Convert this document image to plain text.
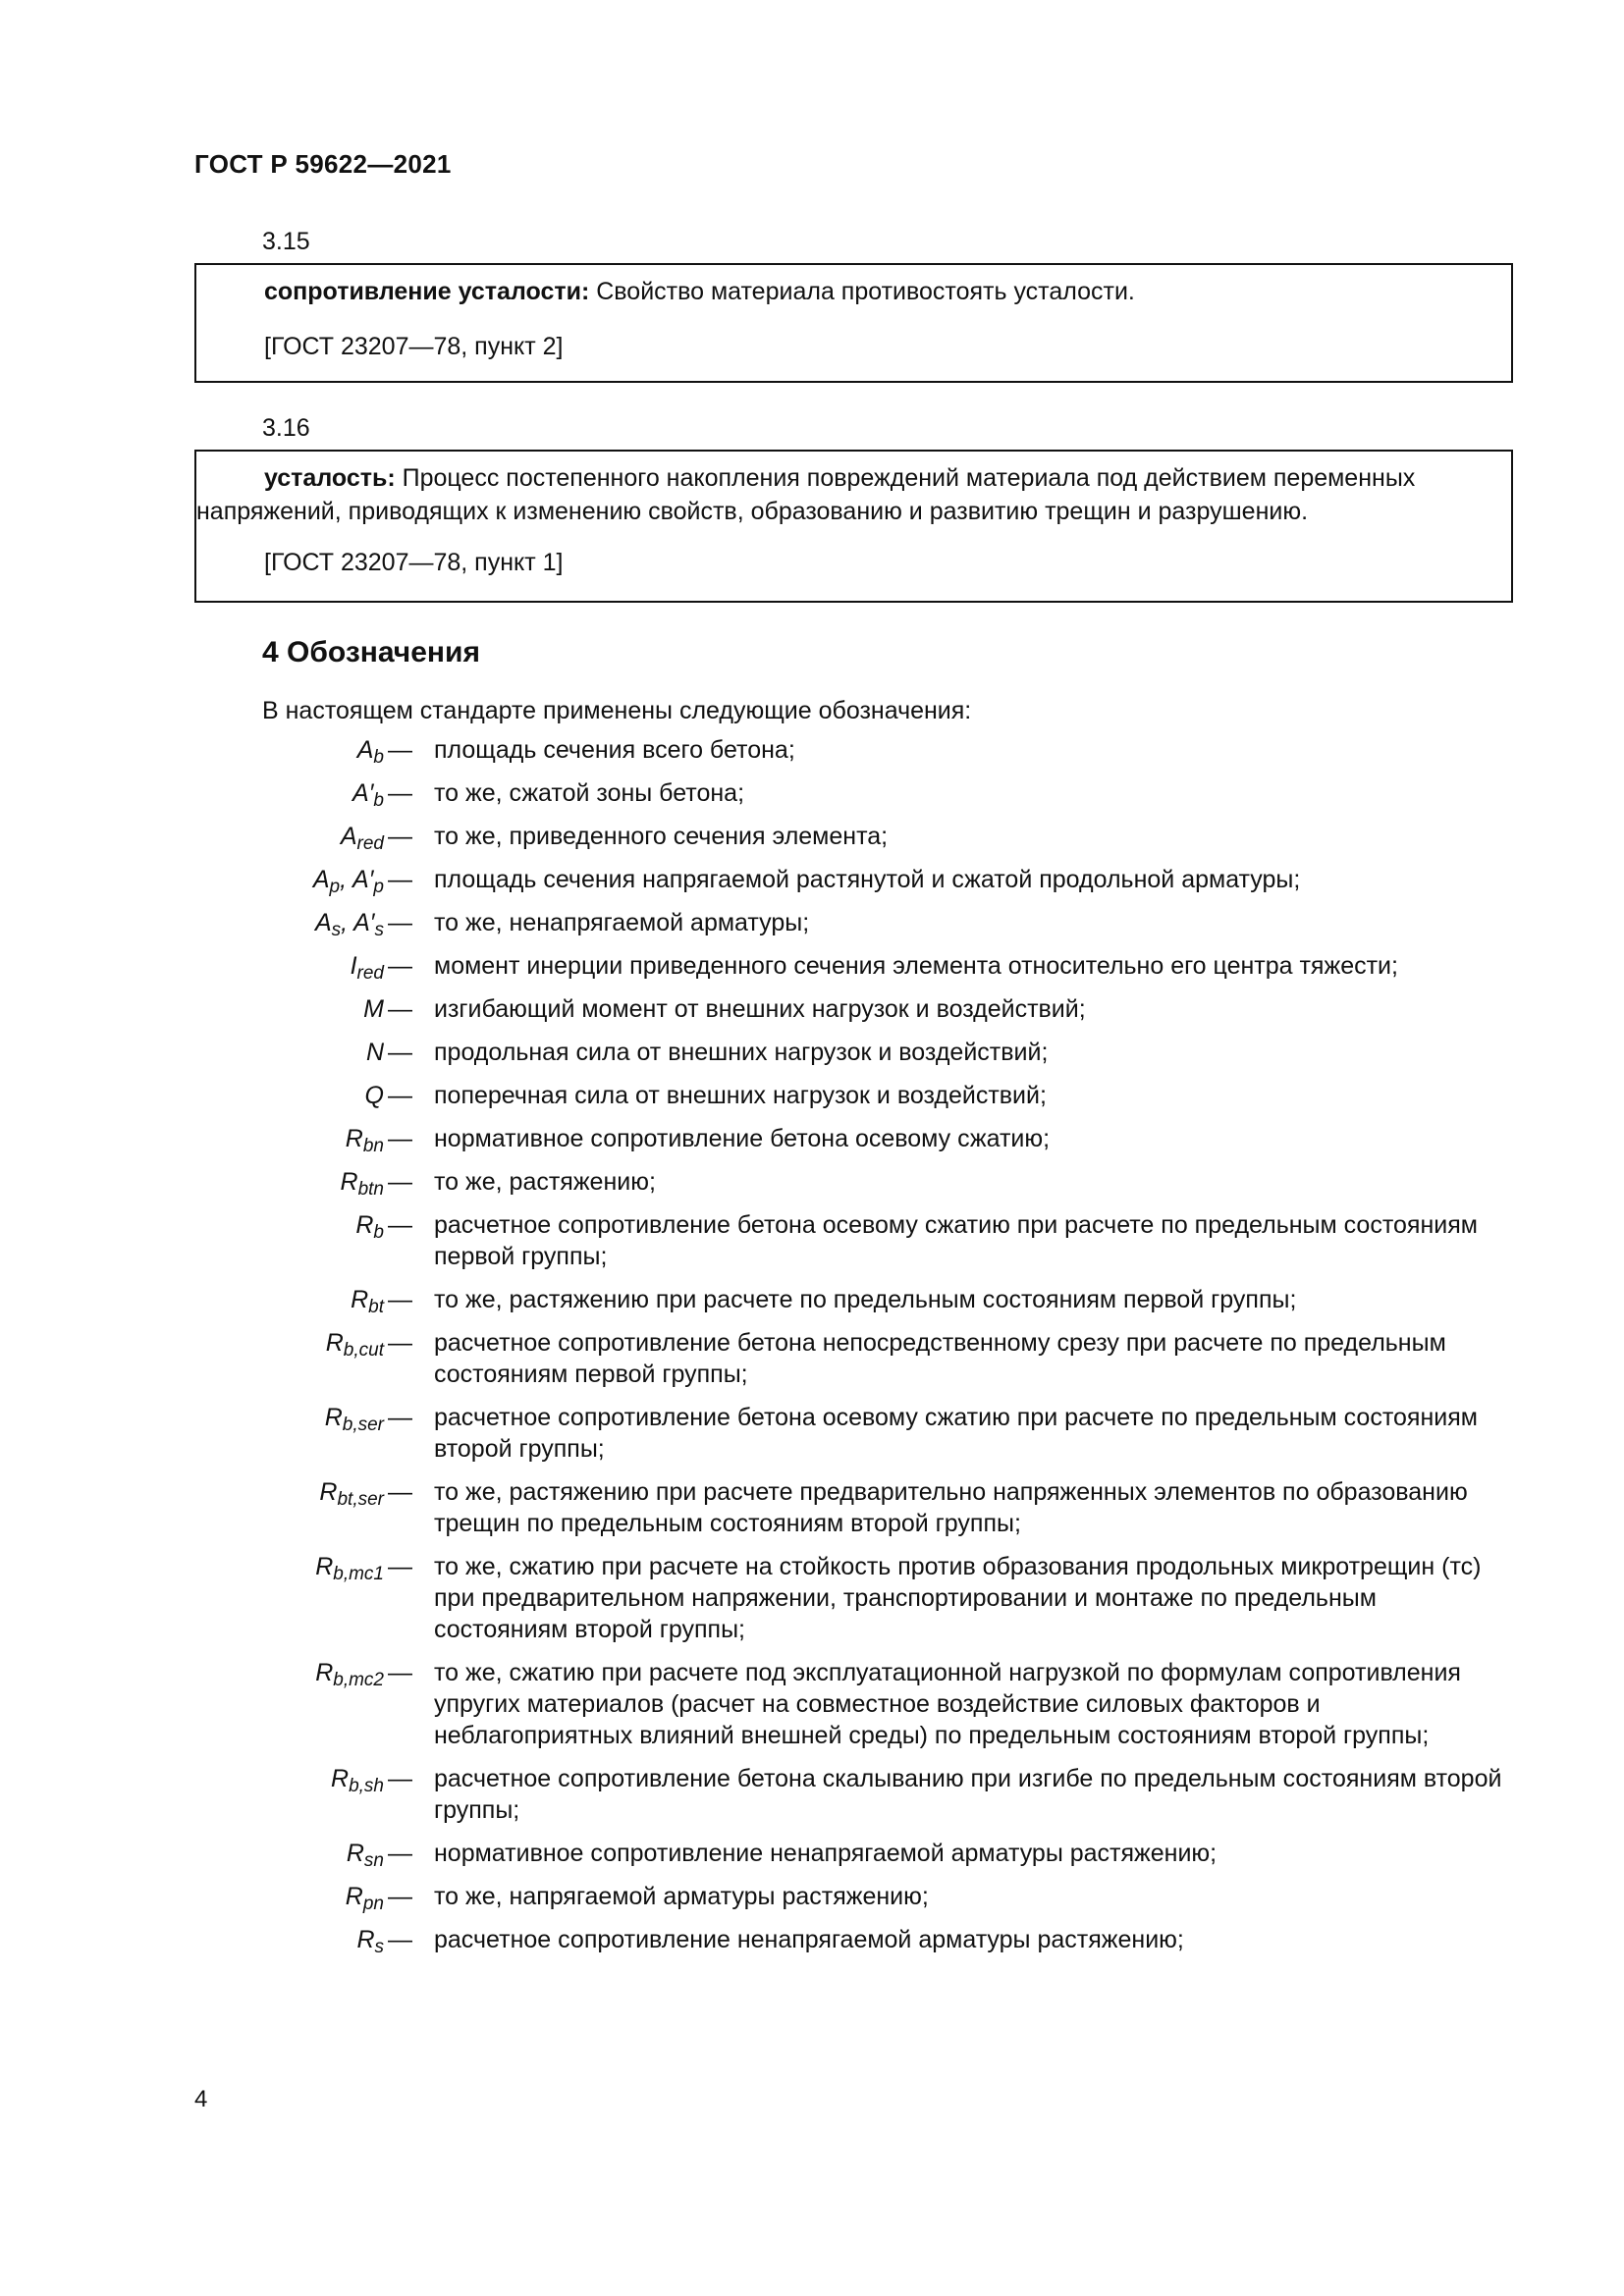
ГОСТ Р 59622—2021
3.15

сопротивление усталости: Свойство материала противостоять усталости.

[ГОСТ 23207—78, пункт 2]

3.16

усталость: Процесс постепенного накопления повреждений материала под действием переменных напряжений, приводящих к изменению свойств, образованию и развитию трещин и разрушению.

[ГОСТ 23207—78, пункт 1]

4 Обозначения

В настоящем стандарте применены следующие обозначения:

$A_b$ — площадь сечения всего бетона;
$A'_b$ — то же, сжатой зоны бетона;
$A_{red}$ — то же, приведенного сечения элемента;
$A_p$, $A'_p$ — площадь сечения напрягаемой растянутой и сжатой продольной арматуры;
$A_s$, $A'_s$ — то же, ненапрягаемой арматуры;
$I_{red}$ — момент инерции приведенного сечения элемента относительно его центра тяжести;
M — изгибающий момент от внешних нагрузок и воздействий;
N — продольная сила от внешних нагрузок и воздействий;
Q — поперечная сила от внешних нагрузок и воздействий;
$R_{bn}$ — нормативное сопротивление бетона осевому сжатию;
$R_{btn}$ — то же, растяжению;
$R_b$ — расчетное сопротивление бетона осевому сжатию при расчете по предельным состояниям первой группы;
$R_{bt}$ — то же, растяжению при расчете по предельным состояниям первой группы;
$R_{b,cut}$ — расчетное сопротивление бетона непосредственному срезу при расчете по предельным состояниям первой группы;
$R_{b,ser}$ — расчетное сопротивление бетона осевому сжатию при расчете по предельным состояниям второй группы;
$R_{bt,ser}$ — то же, растяжению при расчете предварительно напряженных элементов по образованию трещин по предельным состояниям второй группы;
$R_{b,mc1}$ — то же, сжатию при расчете на стойкость против образования продольных микротрещин (тс) при предварительном напряжении, транспортировании и монтаже по предельным состояниям второй группы;
$R_{b,mc2}$ — то же, сжатию при расчете под эксплуатационной нагрузкой по формулам сопротивления упругих материалов (расчет на совместное воздействие силовых факторов и неблагоприятных влияний внешней среды) по предельным состояниям второй группы;
$R_{b,sh}$ — расчетное сопротивление бетона скалыванию при изгибе по предельным состояниям второй группы;
$R_{sn}$ — нормативное сопротивление ненапрягаемой арматуры растяжению;
$R_{pn}$ — то же, напрягаемой арматуры растяжению;
$R_s$ — расчетное сопротивление ненапрягаемой арматуры растяжению;
4
